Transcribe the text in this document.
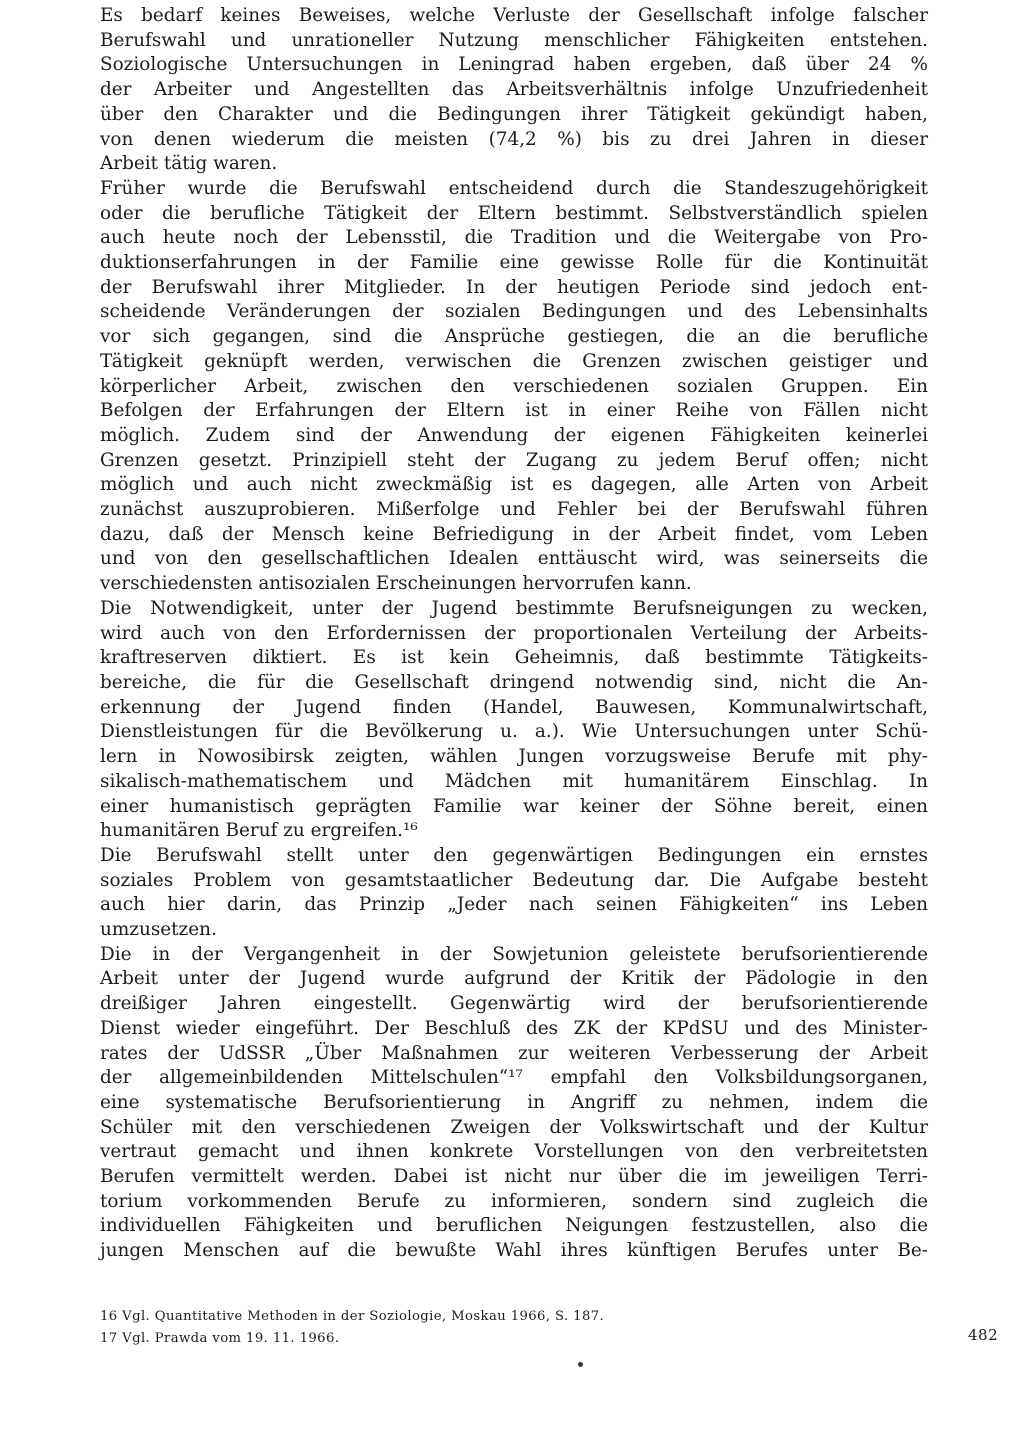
Es bedarf keines Beweises, welche Verluste der Gesellschaft infolge falscher
Berufswahl und unrationeller Nutzung menschlicher Fähigkeiten entstehen.
Soziologische Untersuchungen in Leningrad haben ergeben, daß über 24 %
der Arbeiter und Angestellten das Arbeitsverhältnis infolge Unzufriedenheit
über den Charakter und die Bedingungen ihrer Tätigkeit gekündigt haben,
von denen wiederum die meisten (74,2 %) bis zu drei Jahren in dieser
Arbeit tätig waren.
Früher wurde die Berufswahl entscheidend durch die Standeszugehörigkeit
oder die berufliche Tätigkeit der Eltern bestimmt. Selbstverständlich spielen
auch heute noch der Lebensstil, die Tradition und die Weitergabe von Pro-
duktionserfahrungen in der Familie eine gewisse Rolle für die Kontinuität
der Berufswahl ihrer Mitglieder. In der heutigen Periode sind jedoch ent-
scheidende Veränderungen der sozialen Bedingungen und des Lebensinhalts
vor sich gegangen, sind die Ansprüche gestiegen, die an die berufliche
Tätigkeit geknüpft werden, verwischen die Grenzen zwischen geistiger und
körperlicher Arbeit, zwischen den verschiedenen sozialen Gruppen. Ein
Befolgen der Erfahrungen der Eltern ist in einer Reihe von Fällen nicht
möglich. Zudem sind der Anwendung der eigenen Fähigkeiten keinerlei
Grenzen gesetzt. Prinzipiell steht der Zugang zu jedem Beruf offen; nicht
möglich und auch nicht zweckmäßig ist es dagegen, alle Arten von Arbeit
zunächst auszuprobieren. Mißerfolge und Fehler bei der Berufswahl führen
dazu, daß der Mensch keine Befriedigung in der Arbeit findet, vom Leben
und von den gesellschaftlichen Idealen enttäuscht wird, was seinerseits die
verschiedensten antisozialen Erscheinungen hervorrufen kann.
Die Notwendigkeit, unter der Jugend bestimmte Berufsneigungen zu wecken,
wird auch von den Erfordernissen der proportionalen Verteilung der Arbeits-
kraftreserven diktiert. Es ist kein Geheimnis, daß bestimmte Tätigkeits-
bereiche, die für die Gesellschaft dringend notwendig sind, nicht die An-
erkennung der Jugend finden (Handel, Bauwesen, Kommunalwirtschaft,
Dienstleistungen für die Bevölkerung u. a.). Wie Untersuchungen unter Schü-
lern in Nowosibirsk zeigten, wählen Jungen vorzugsweise Berufe mit phy-
sikalisch-mathematischem und Mädchen mit humanitärem Einschlag. In
einer humanistisch geprägten Familie war keiner der Söhne bereit, einen
humanitären Beruf zu ergreifen.¹⁶
Die Berufswahl stellt unter den gegenwärtigen Bedingungen ein ernstes
soziales Problem von gesamtstaatlicher Bedeutung dar. Die Aufgabe besteht
auch hier darin, das Prinzip „Jeder nach seinen Fähigkeiten“ ins Leben
umzusetzen.
Die in der Vergangenheit in der Sowjetunion geleistete berufsorientierende
Arbeit unter der Jugend wurde aufgrund der Kritik der Pädologie in den
dreißiger Jahren eingestellt. Gegenwärtig wird der berufsorientierende
Dienst wieder eingeführt. Der Beschluß des ZK der KPdSU und des Minister-
rates der UdSSR „Über Maßnahmen zur weiteren Verbesserung der Arbeit
der allgemeinbildenden Mittelschulen“¹⁷ empfahl den Volksbildungsorganen,
eine systematische Berufsorientierung in Angriff zu nehmen, indem die
Schüler mit den verschiedenen Zweigen der Volkswirtschaft und der Kultur
vertraut gemacht und ihnen konkrete Vorstellungen von den verbreitetsten
Berufen vermittelt werden. Dabei ist nicht nur über die im jeweiligen Terri-
torium vorkommenden Berufe zu informieren, sondern sind zugleich die
individuellen Fähigkeiten und beruflichen Neigungen festzustellen, also die
jungen Menschen auf die bewußte Wahl ihres künftigen Berufes unter Be-
16 Vgl. Quantitative Methoden in der Soziologie, Moskau 1966, S. 187.
17 Vgl. Prawda vom 19. 11. 1966.	482
